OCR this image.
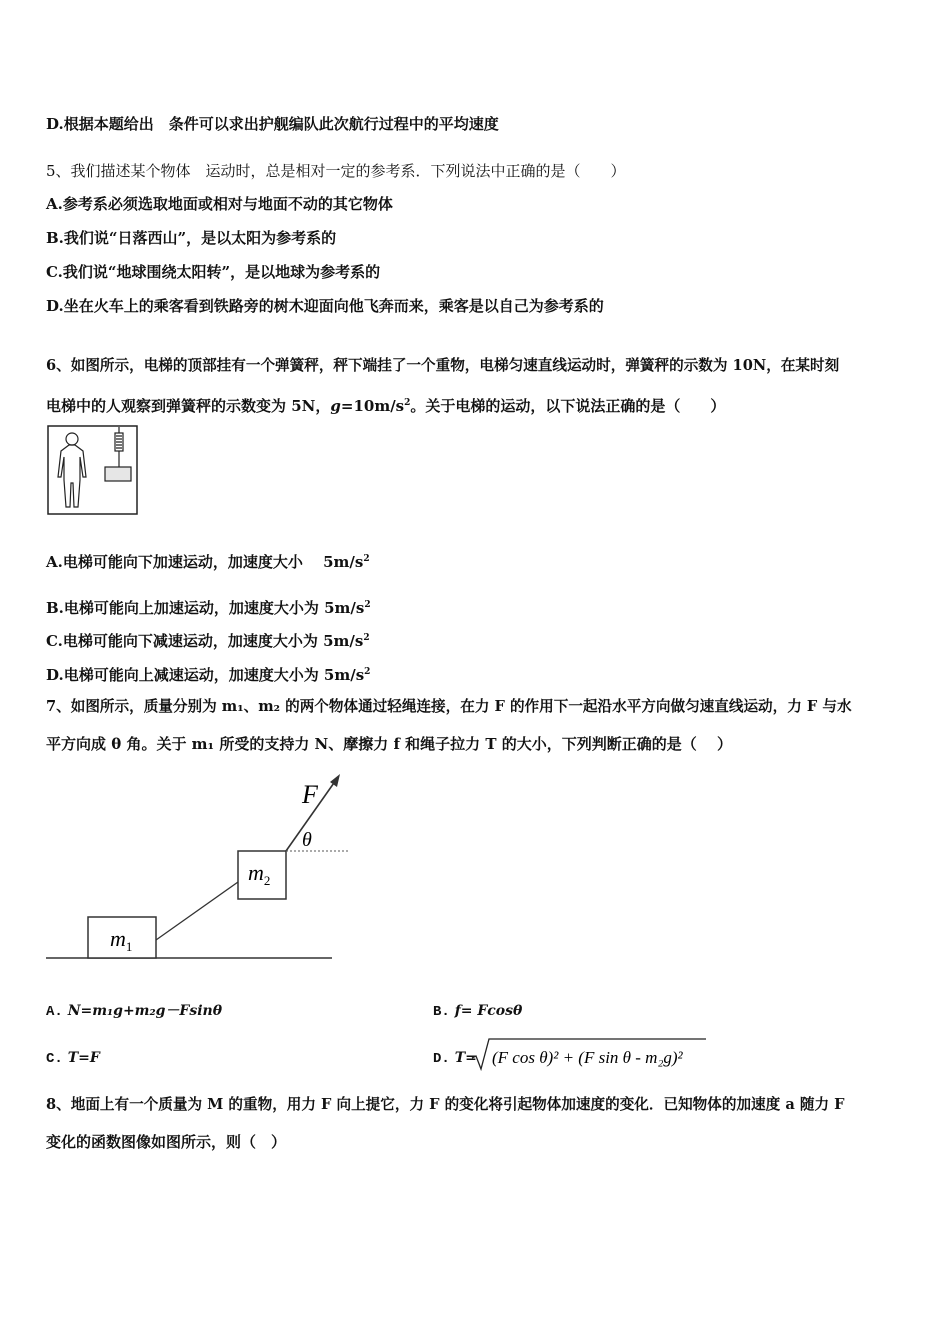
D.根据本题给出　条件可以求出护舰编队此次航行过程中的平均速度
5、我们描述某个物体　运动时，总是相对一定的参考系．下列说法中正确的是（　　）
A.参考系必须选取地面或相对与地面不动的其它物体
B.我们说“日落西山”，是以太阳为参考系的
C.我们说“地球围绕太阳转”，是以地球为参考系的
D.坐在火车上的乘客看到铁路旁的树木迎面向他飞奔而来，乘客是以自己为参考系的
6、如图所示，电梯的顶部挂有一个弹簧秤，秤下端挂了一个重物，电梯匀速直线运动时，弹簧秤的示数为 10N，在某时刻
电梯中的人观察到弹簧秤的示数变为 5N，$g=10m/s^2$。关于电梯的运动，以下说法正确的是（　　）
A.电梯可能向下加速运动，加速度大小　 $5m/s^2$
B.电梯可能向上加速运动，加速度大小为 $5m/s^2$
C.电梯可能向下减速运动，加速度大小为 $5m/s^2$
D.电梯可能向上减速运动，加速度大小为 $5m/s^2$
7、如图所示，质量分别为 m₁、m₂ 的两个物体通过轻绳连接，在力 F 的作用下一起沿水平方向做匀速直线运动，力 F 与水
平方向成 θ 角。关于 m₁ 所受的支持力 N、摩擦力 f 和绳子拉力 T 的大小，下列判断正确的是（　 ）
$m_1$
$m_2$
F
θ
A. N=m₁g+m₂g－Fsinθ	B. f= Fcosθ
C. T=F	D. T= (F cos θ)² + (F sin θ - m₂g)²
8、地面上有一个质量为 M 的重物，用力 F 向上提它，力 F 的变化将引起物体加速度的变化．已知物体的加速度 a 随力 F
变化的函数图像如图所示，则（　）
